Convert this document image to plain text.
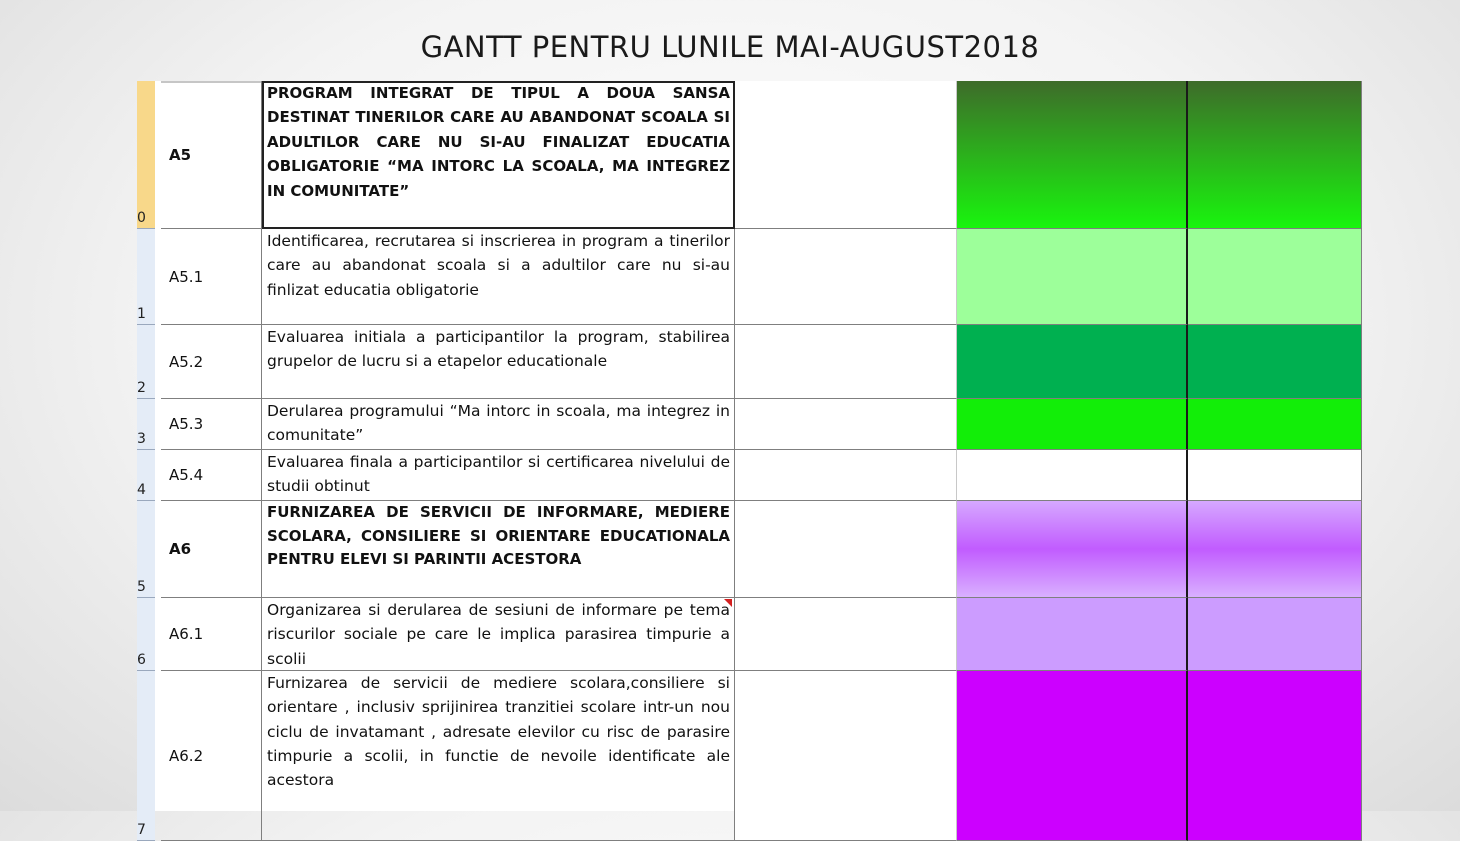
GANTT PENTRU LUNILE MAI-AUGUST2018
0
A5
PROGRAM INTEGRAT DE TIPUL A DOUA SANSA DESTINAT TINERILOR CARE AU ABANDONAT SCOALA SI ADULTILOR CARE NU SI-AU FINALIZAT EDUCATIA OBLIGATORIE “MA INTORC LA SCOALA, MA INTEGREZ IN COMUNITATE”
1
A5.1
Identificarea, recrutarea si inscrierea in program a tinerilor care au abandonat scoala si a adultilor care nu si-au finlizat educatia obligatorie
2
A5.2
Evaluarea initiala a participantilor la program, stabilirea grupelor de lucru si a etapelor educationale
3
A5.3
Derularea programului “Ma intorc in scoala, ma integrez in comunitate”
4
A5.4
Evaluarea finala a participantilor si certificarea nivelului de studii obtinut
5
A6
FURNIZAREA DE SERVICII DE INFORMARE, MEDIERE SCOLARA, CONSILIERE SI ORIENTARE EDUCATIONALA PENTRU ELEVI SI PARINTII ACESTORA
6
A6.1
Organizarea si derularea de sesiuni de informare pe tema riscurilor sociale pe care le implica parasirea timpurie a scolii
7
A6.2
Furnizarea de servicii de mediere scolara,consiliere si orientare , inclusiv sprijinirea tranzitiei scolare intr-un nou ciclu de invatamant , adresate elevilor cu risc de parasire timpurie a scolii, in functie de nevoile identificate ale acestora
